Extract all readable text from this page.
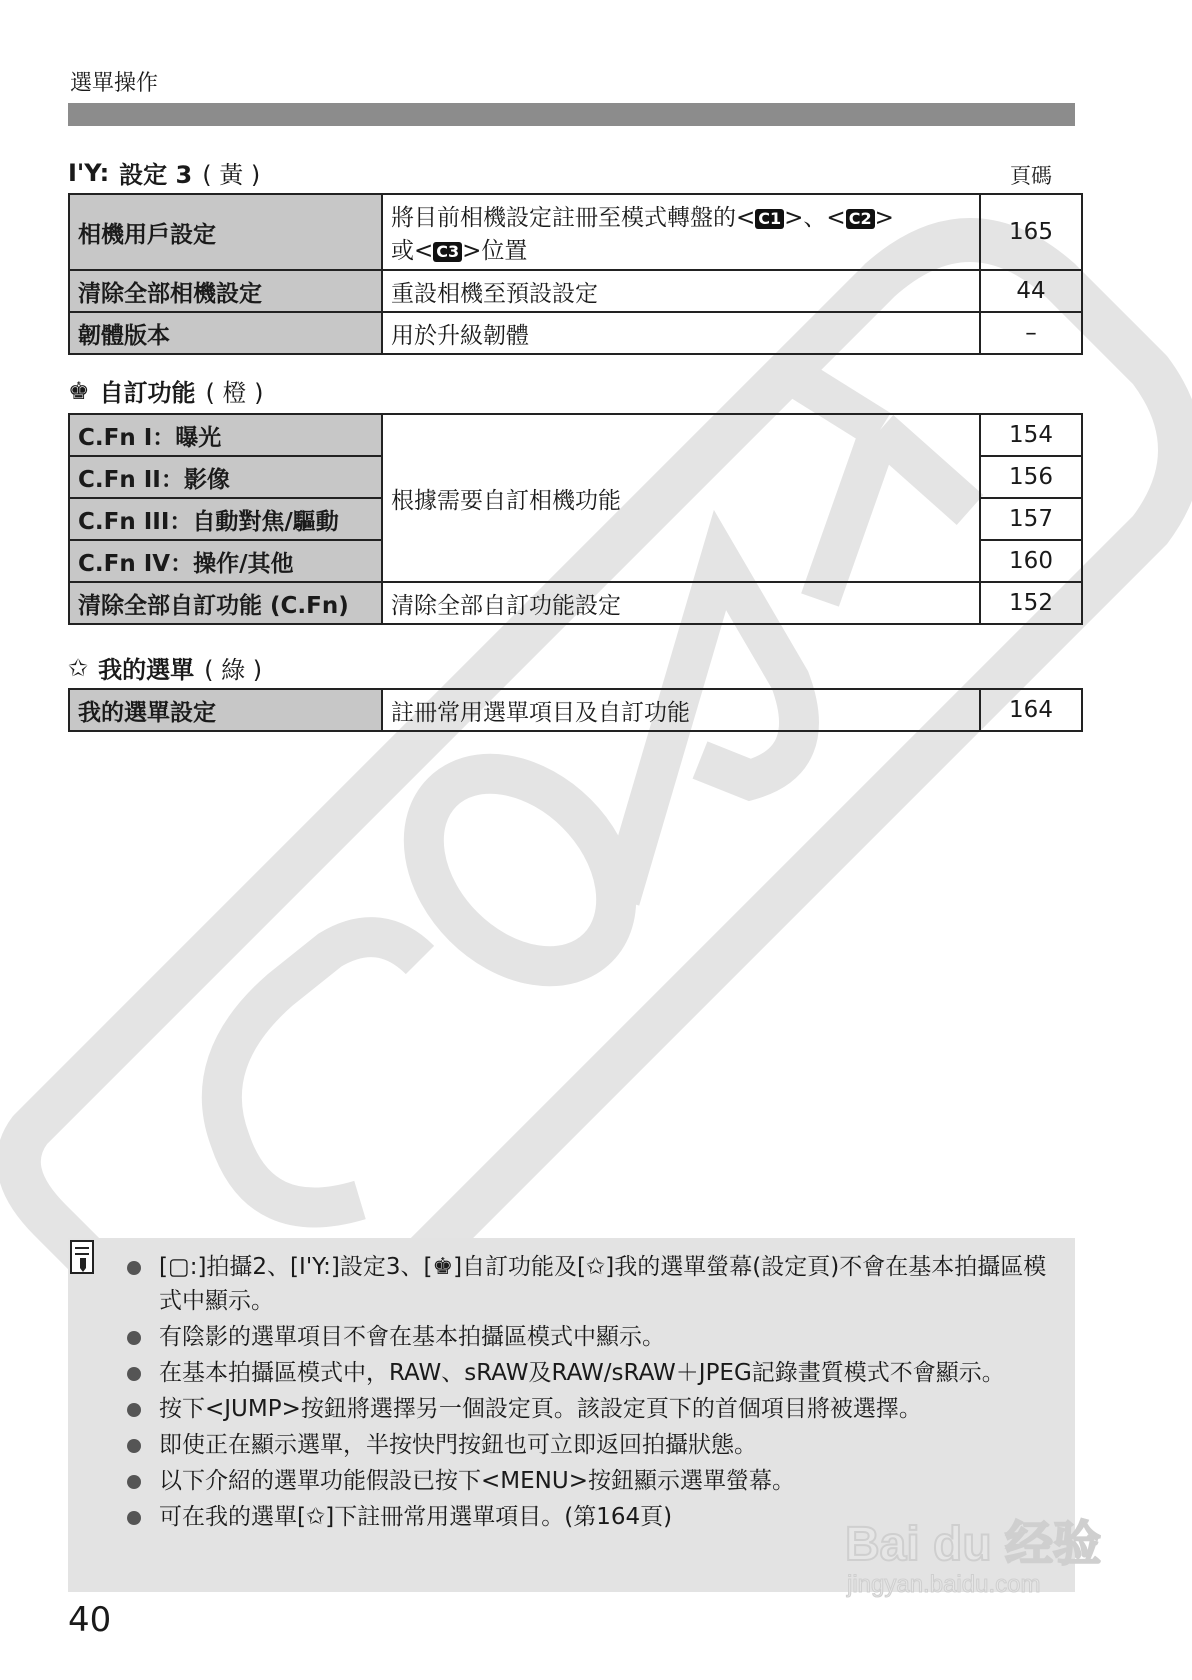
選單操作
I'Y: 設定 3 ( 黃 )	頁碼
相機用戶設定	將目前相機設定註冊至模式轉盤的< C1 >、< C2 >
或< C3 >位置	165
清除全部相機設定	重設相機至預設設定	44
韌體版本	用於升級韌體	–
♚ 自訂功能 ( 橙 )
C.Fn I：曝光	根據需要自訂相機功能	154
C.Fn II：影像		156
C.Fn III：自動對焦/驅動		157
C.Fn IV：操作/其他		160
清除全部自訂功能 (C.Fn)	清除全部自訂功能設定	152
✩ 我的選單 ( 綠 )
我的選單設定	註冊常用選單項目及自訂功能	164
[▢:]拍攝2、[I'Y:]設定3、[♚]自訂功能及[✩]我的選單螢幕(設定頁)不會在基本拍攝區模式中顯示。
有陰影的選單項目不會在基本拍攝區模式中顯示。
在基本拍攝區模式中，RAW、sRAW及RAW/sRAW＋JPEG記錄畫質模式不會顯示。
按下<JUMP>按鈕將選擇另一個設定頁。該設定頁下的首個項目將被選擇。
即使正在顯示選單，半按快門按鈕也可立即返回拍攝狀態。
以下介紹的選單功能假設已按下<MENU>按鈕顯示選單螢幕。
可在我的選單[✩]下註冊常用選單項目。(第164頁)
40
Bai du 经验
jingyan.baidu.com
